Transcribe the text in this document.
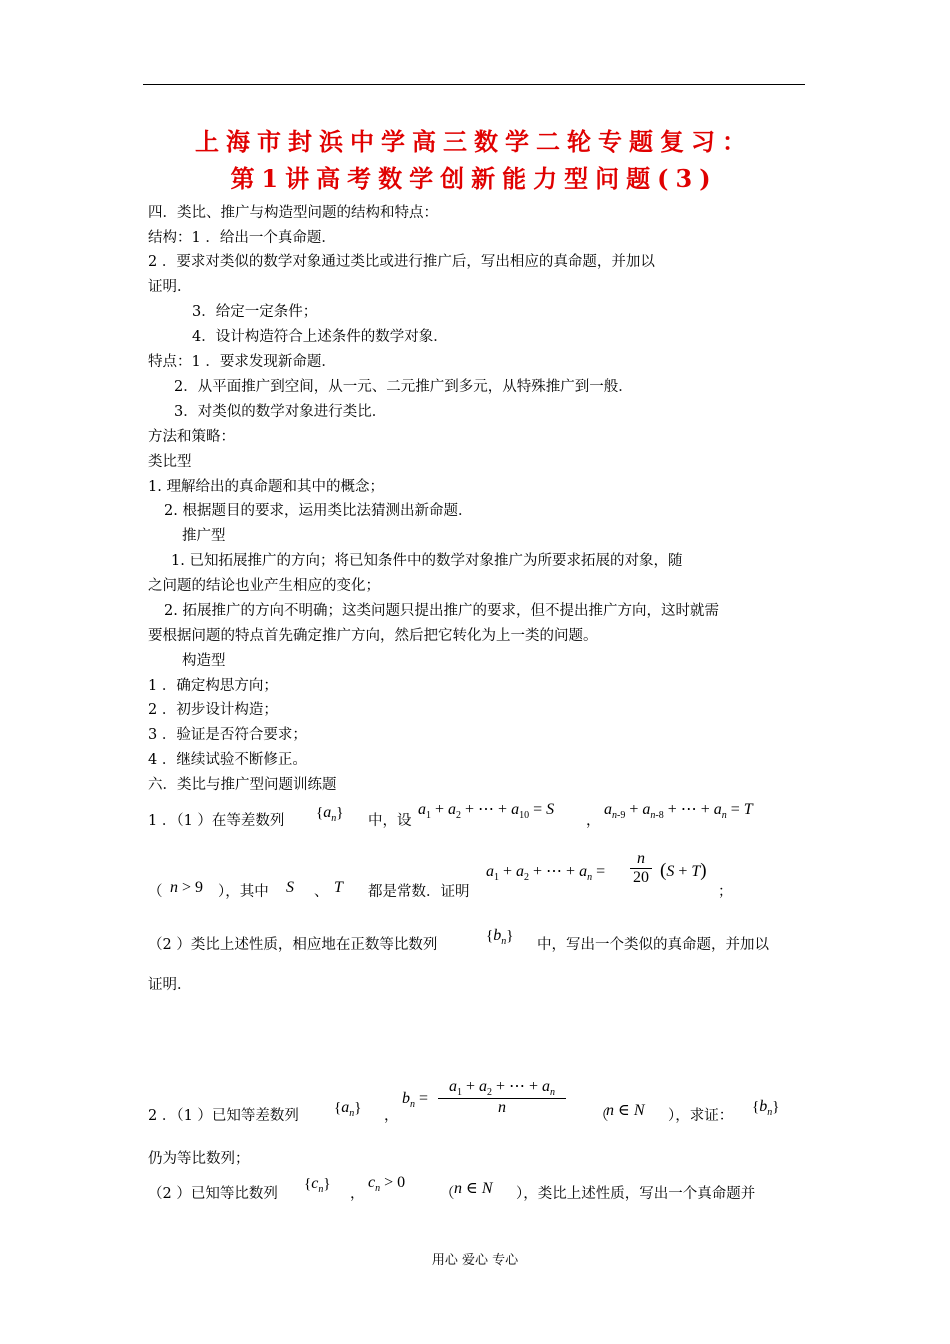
上海市封浜中学高三数学二轮专题复习：
第1讲高考数学创新能力型问题(3)
四．类比、推广与构造型问题的结构和特点：
结构：1 ．给出一个真命题．
2 ．要求对类似的数学对象通过类比或进行推广后，写出相应的真命题，并加以
证明．
3．给定一定条件；
4．设计构造符合上述条件的数学对象．
特点：1 ．要求发现新命题．
2．从平面推广到空间，从一元、二元推广到多元，从特殊推广到一般．
3．对类似的数学对象进行类比．
方法和策略：
类比型
1. 理解给出的真命题和其中的概念；
2. 根据题目的要求，运用类比法猜测出新命题．
推广型
1. 已知拓展推广的方向；将已知条件中的数学对象推广为所要求拓展的对象，随
之问题的结论也业产生相应的变化；
2. 拓展推广的方向不明确；这类问题只提出推广的要求，但不提出推广方向，这时就需
要根据问题的特点首先确定推广方向，然后把它转化为上一类的问题。
构造型
1 ．确定构思方向；
2 ．初步设计构造；
3 ．验证是否符合要求；
4 ．继续试验不断修正。
六．类比与推广型问题训练题
1 ．（1 ）在等差数列 $\{a_n\}$ 中，设
$a_1 + a_2$ + ⋯ + $a_{10} = S$
，
$a_{n-9} + a_{n-8}$ + ⋯ + $a_n = T$
（ n > 9 ），其中 S 、 T 都是常数．证明
$a_1 + a_2$ + ⋯ + $a_n$ =
n
20 (S + T)
；
（2 ）类比上述性质，相应地在正数等比数列
$\{b_n\}$
中，写出一个类似的真命题，并加以
证明．
2 ．（1 ）已知等差数列 $\{a_n\}$ ，
$b_n$ =
$a_1 + a_2$ + ⋯ + $a_n$
n	（
n ∈ N ），求证：
$\{b_n\}$
仍为等比数列；
（2 ）已知等比数列
$\{c_n\}$
，
$c_n > 0$
（ n ∈ N ），类比上述性质，写出一个真命题并
用心 爱心 专心
